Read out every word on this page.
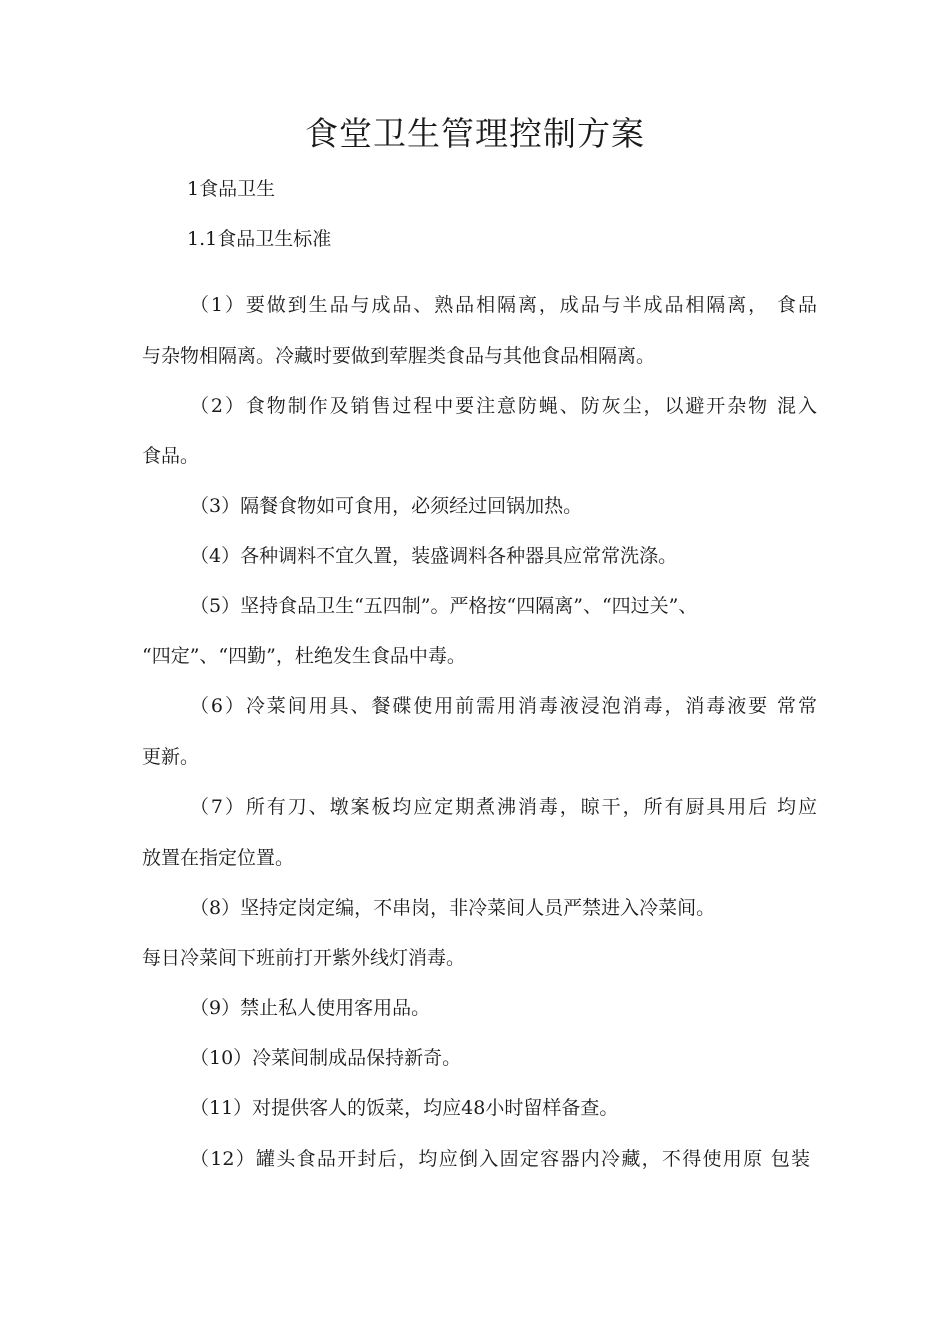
食堂卫生管理控制方案
1食品卫生
1.1食品卫生标准
（1）要做到生品与成品、熟品相隔离，成品与半成品相隔离， 食品
与杂物相隔离。冷藏时要做到荤腥类食品与其他食品相隔离。
（2）食物制作及销售过程中要注意防蝇、防灰尘，以避开杂物 混入
食品。
（3）隔餐食物如可食用，必须经过回锅加热。
（4）各种调料不宜久置，装盛调料各种器具应常常洗涤。
（5）坚持食品卫生“五四制”。严格按“四隔离”、“四过关”、
“四定”、“四勤”，杜绝发生食品中毒。
（6）冷菜间用具、餐碟使用前需用消毒液浸泡消毒，消毒液要 常常
更新。
（7）所有刀、墩案板均应定期煮沸消毒，晾干，所有厨具用后 均应
放置在指定位置。
（8）坚持定岗定编，不串岗，非冷菜间人员严禁进入冷菜间。
每日冷菜间下班前打开紫外线灯消毒。
（9）禁止私人使用客用品。
（10）冷菜间制成品保持新奇。
（11）对提供客人的饭菜，均应48小时留样备查。
（12）罐头食品开封后，均应倒入固定容器内冷藏，不得使用原 包装
